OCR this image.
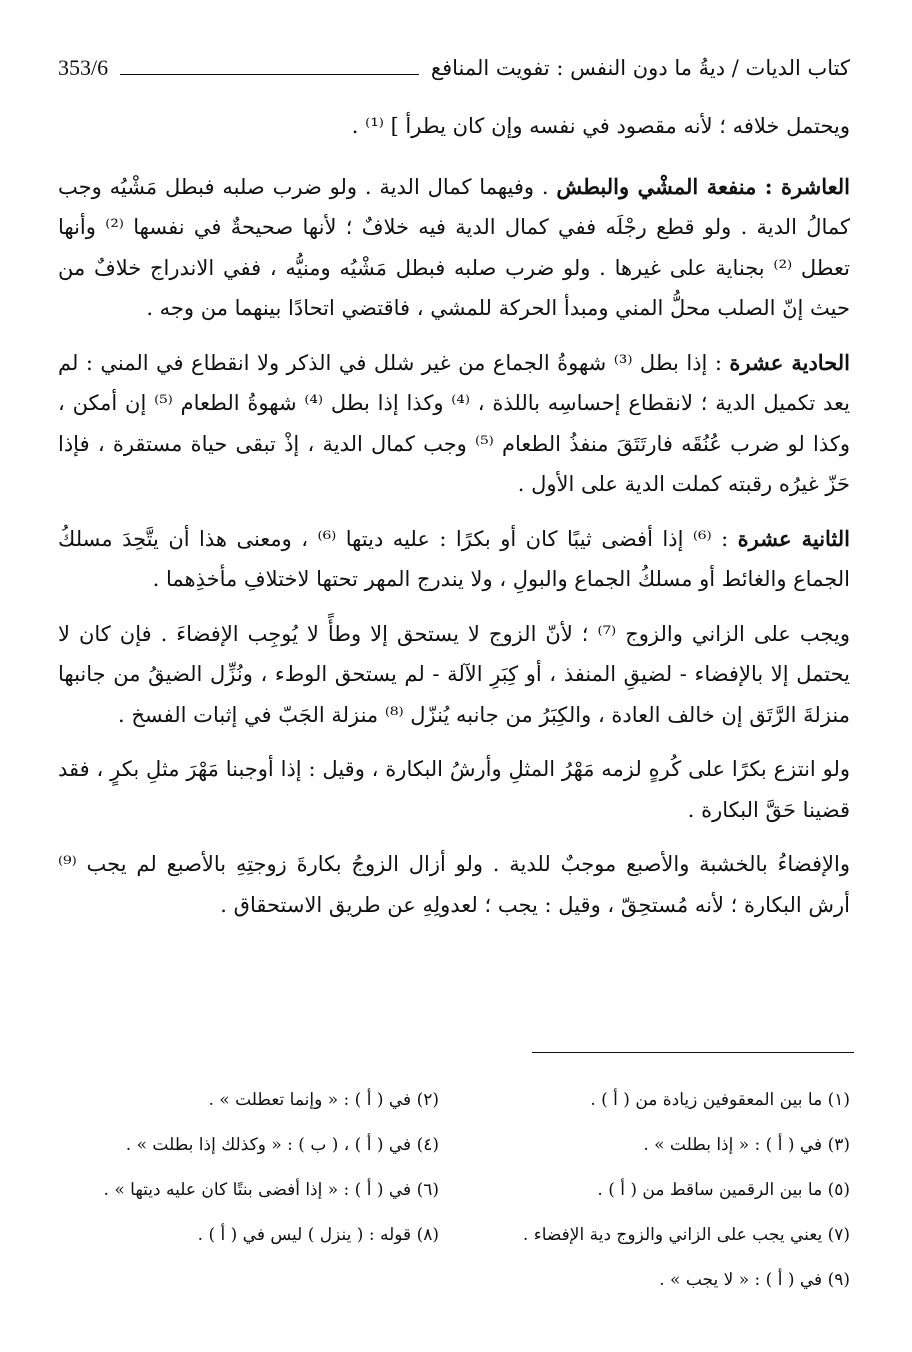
كتاب الديات / ديةُ ما دون النفس : تفويت المنافع
353/6

ويحتمل خلافه ؛ لأنه مقصود في نفسه وإن كان يطرأ ] ⁽¹⁾ .

العاشرة : منفعة المشْي والبطش . وفيهما كمال الدية . ولو ضرب صلبه فبطل مَشْيُه وجب كمالُ الدية . ولو قطع رجْلَه ففي كمال الدية فيه خلافٌ ؛ لأنها صحيحةٌ في نفسها ⁽²⁾ وأنها تعطل ⁽²⁾ بجناية على غيرها . ولو ضرب صلبه فبطل مَشْيُه ومنيُّه ، ففي الاندراج خلافٌ من حيث إنّ الصلب محلُّ المني ومبدأ الحركة للمشي ، فاقتضي اتحادًا بينهما من وجه .

الحادية عشرة : إذا بطل ⁽³⁾ شهوةُ الجماع من غير شلل في الذكر ولا انقطاع في المني : لم يعد تكميل الدية ؛ لانقطاع إحساسِه باللذة ، ⁽⁴⁾ وكذا إذا بطل ⁽⁴⁾ شهوةُ الطعام ⁽⁵⁾ إن أمكن ، وكذا لو ضرب عُنُقَه فارتَتَقَ منفذُ الطعام ⁽⁵⁾ وجب كمال الدية ، إذْ تبقى حياة مستقرة ، فإذا حَزّ غيرُه رقبته كملت الدية على الأول .

الثانية عشرة : ⁽⁶⁾ إذا أفضى ثيبًا كان أو بكرًا : عليه ديتها ⁽⁶⁾ ، ومعنى هذا أن يتَّحِدَ مسلكُ الجماع والغائط أو مسلكُ الجماع والبولِ ، ولا يندرج المهر تحتها لاختلافِ مأخذِهما .

ويجب على الزاني والزوج ⁽⁷⁾ ؛ لأنّ الزوج لا يستحق إلا وطأً لا يُوجِب الإفضاءَ . فإن كان لا يحتمل إلا بالإفضاء - لضيقِ المنفذ ، أو كِبَرِ الآلة - لم يستحق الوطء ، ونُزِّل الضيقُ من جانبها منزلةَ الرَّتَق إن خالف العادة ، والكِبَرُ من جانبه يُنزّل ⁽⁸⁾ منزلة الجَبّ في إثبات الفسخ .

ولو انتزع بكرًا على كُرهٍ لزمه مَهْرُ المثلِ وأرشُ البكارة ، وقيل : إذا أوجبنا مَهْرَ مثلِ بكرٍ ، فقد قضينا حَقَّ البكارة .

والإفضاءُ بالخشبة والأصبع موجبٌ للدية . ولو أزال الزوجُ بكارةَ زوجتِهِ بالأصبع لم يجب ⁽⁹⁾ أرش البكارة ؛ لأنه مُستحِقّ ، وقيل : يجب ؛ لعدولِهِ عن طريق الاستحقاق .

(١) ما بين المعقوفين زيادة من ( أ ) .
(٢) في ( أ ) : « وإنما تعطلت » .
(٣) في ( أ ) : « إذا بطلت » .
(٤) في ( أ ) ، ( ب ) : « وكذلك إذا بطلت » .
(٥) ما بين الرقمين ساقط من ( أ ) .
(٦) في ( أ ) : « إذا أفضى بنتًا كان عليه ديتها » .
(٧) يعني يجب على الزاني والزوج دية الإفضاء .
(٨) قوله : ( ينزل ) ليس في ( أ ) .
(٩) في ( أ ) : « لا يجب » .
